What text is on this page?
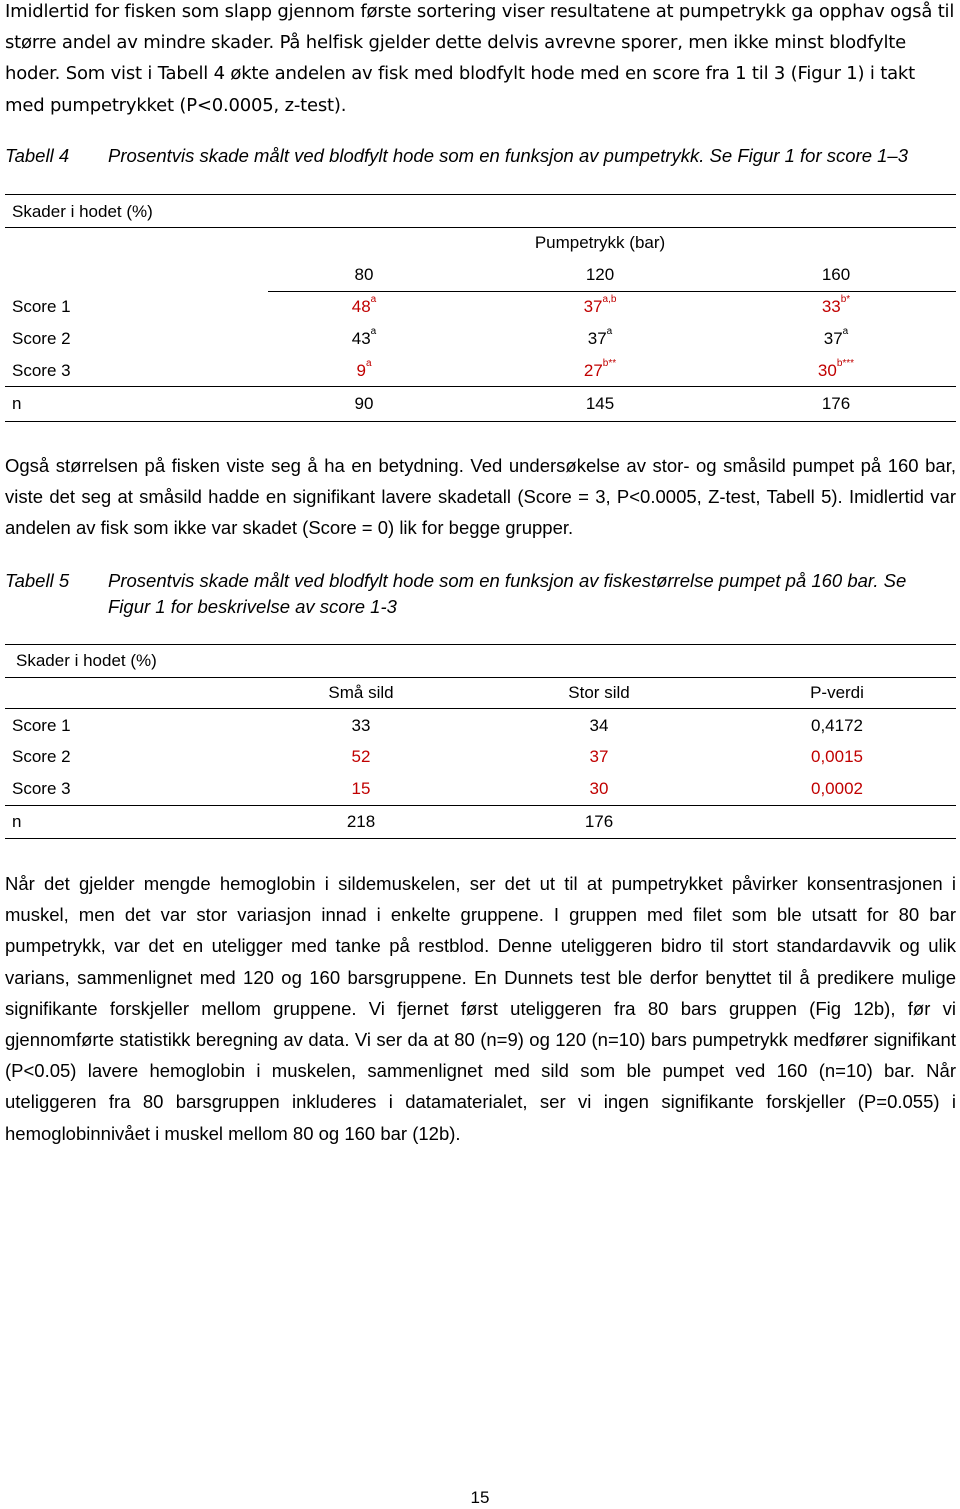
Imidlertid for fisken som slapp gjennom første sortering viser resultatene at pumpetrykk ga opphav også til større andel av mindre skader. På helfisk gjelder dette delvis avrevne sporer, men ikke minst blodfylte hoder. Som vist i Tabell 4 økte andelen av fisk med blodfylt hode med en score fra 1 til 3 (Figur 1) i takt med pumpetrykket (P<0.0005, z-test).

Tabell 4 Prosentvis skade målt ved blodfylt hode som en funksjon av pumpetrykk. Se Figur 1 for score 1–3
Skader i hodet (%)
Pumpetrykk (bar)
80	120	160
Score 1	48$^a$	37$^{a,b}$	$33^{b*}$
Score 2	43$^a$	37$^a$	37$^a$
Score 3	9$^a$	$27^{b**}$	$30^{b***}$
n	90	145	176

Også størrelsen på fisken viste seg å ha en betydning. Ved undersøkelse av stor- og småsild pumpet på 160 bar, viste det seg at småsild hadde en signifikant lavere skadetall (Score = 3, P<0.0005, Z-test, Tabell 5). Imidlertid var andelen av fisk som ikke var skadet (Score = 0) lik for begge grupper.

Tabell 5 Prosentvis skade målt ved blodfylt hode som en funksjon av fiskestørrelse pumpet på 160 bar. Se Figur 1 for beskrivelse av score 1-3
Skader i hodet (%)
Små sild	Stor sild	P-verdi
Score 1	33	34	0,4172
Score 2	52	37	0,0015
Score 3	15	30	0,0002
n	218	176

Når det gjelder mengde hemoglobin i sildemuskelen, ser det ut til at pumpetrykket påvirker konsentrasjonen i muskel, men det var stor variasjon innad i enkelte gruppene. I gruppen med filet som ble utsatt for 80 bar pumpetrykk, var det en uteligger med tanke på restblod. Denne uteliggeren bidro til stort standardavvik og ulik varians, sammenlignet med 120 og 160 barsgruppene. En Dunnets test ble derfor benyttet til å predikere mulige signifikante forskjeller mellom gruppene. Vi fjernet først uteliggeren fra 80 bars gruppen (Fig 12b), før vi gjennomførte statistikk beregning av data. Vi ser da at 80 (n=9) og 120 (n=10) bars pumpetrykk medfører signifikant (P<0.05) lavere hemoglobin i muskelen, sammenlignet med sild som ble pumpet ved 160 (n=10) bar. Når uteliggeren fra 80 barsgruppen inkluderes i datamaterialet, ser vi ingen signifikante forskjeller (P=0.055) i hemoglobinnivået i muskel mellom 80 og 160 bar (12b).

15
